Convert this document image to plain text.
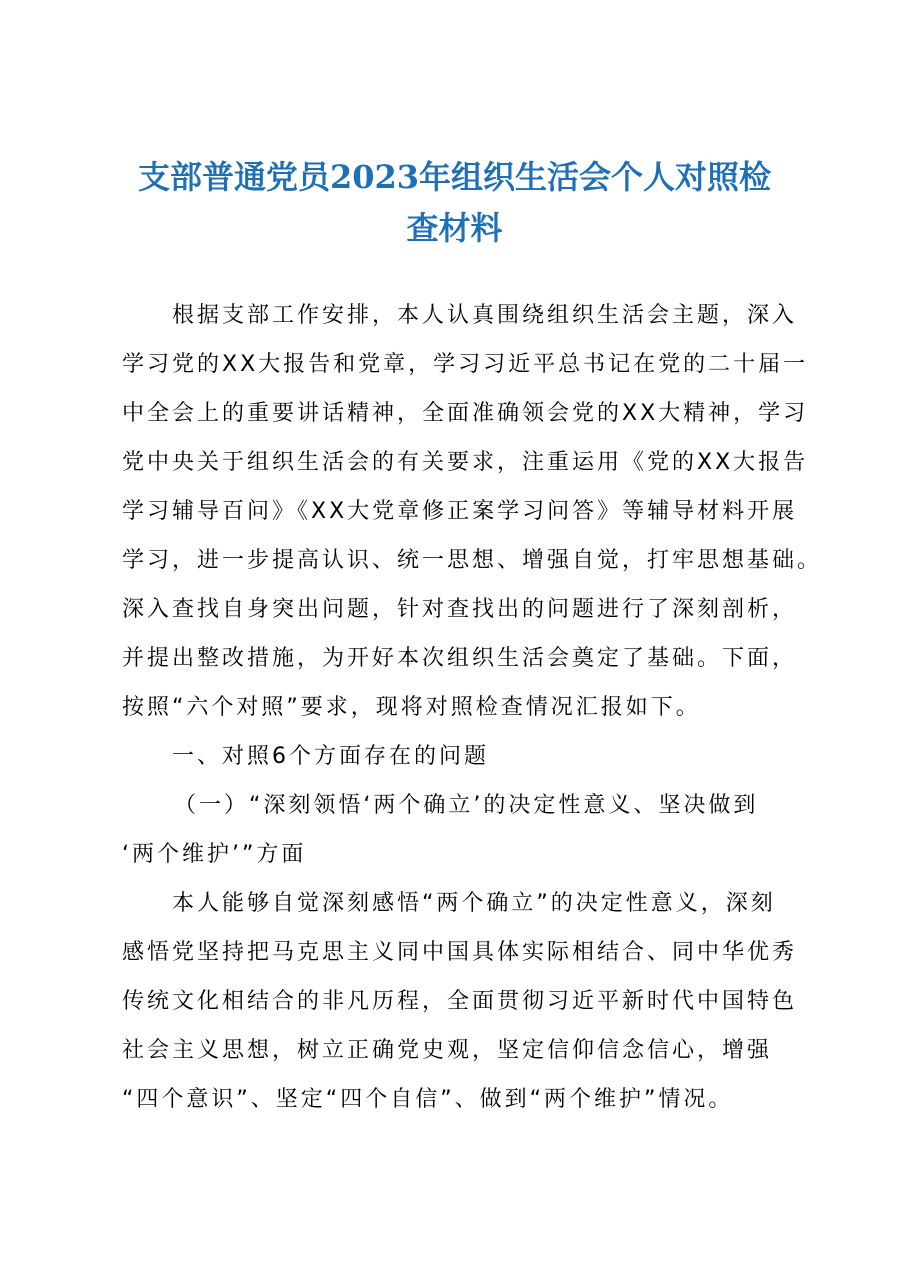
支部普通党员2023年组织生活会个人对照检
查材料

根据支部工作安排，本人认真围绕组织生活会主题，深入

学习党的XX大报告和党章，学习习近平总书记在党的二十届一

中全会上的重要讲话精神，全面准确领会党的XX大精神，学习

党中央关于组织生活会的有关要求，注重运用《党的XX大报告

学习辅导百问》《XX大党章修正案学习问答》等辅导材料开展

学习，进一步提高认识、统一思想、增强自觉，打牢思想基础。

深入查找自身突出问题，针对查找出的问题进行了深刻剖析，

并提出整改措施，为开好本次组织生活会奠定了基础。下面，

按照“六个对照”要求，现将对照检查情况汇报如下。

一、对照6个方面存在的问题

（一）“深刻领悟‘两个确立’的决定性意义、坚决做到

‘两个维护’”方面

本人能够自觉深刻感悟“两个确立”的决定性意义，深刻

感悟党坚持把马克思主义同中国具体实际相结合、同中华优秀

传统文化相结合的非凡历程，全面贯彻习近平新时代中国特色

社会主义思想，树立正确党史观，坚定信仰信念信心，增强

“四个意识”、坚定“四个自信”、做到“两个维护”情况。
